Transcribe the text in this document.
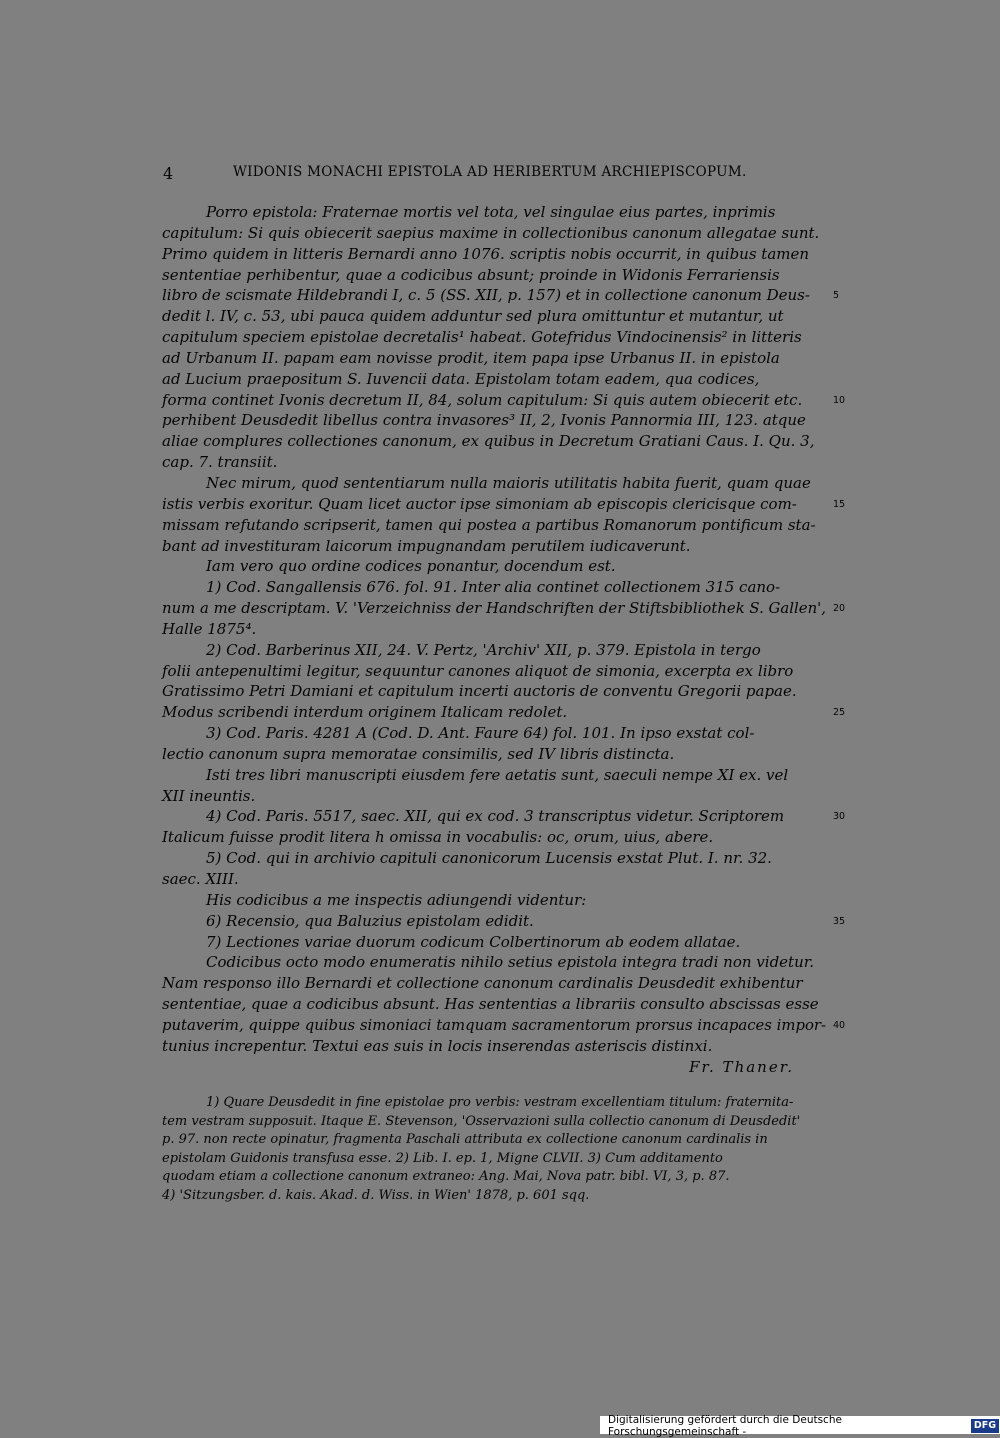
4	WIDONIS MONACHI EPISTOLA AD HERIBERTUM ARCHIEPISCOPUM.
Porro epistola: Fraternae mortis vel tota, vel singulae eius partes, inprimis
capitulum: Si quis obiecerit saepius maxime in collectionibus canonum allegatae sunt.
Primo quidem in litteris Bernardi anno 1076. scriptis nobis occurrit, in quibus tamen
sententiae perhibentur, quae a codicibus absunt; proinde in Widonis Ferrariensis
libro de scismate Hildebrandi I, c. 5 (SS. XII, p. 157) et in collectione canonum Deus- 5
dedit l. IV, c. 53, ubi pauca quidem adduntur sed plura omittuntur et mutantur, ut
capitulum speciem epistolae decretalis¹ habeat. Gotefridus Vindocinensis² in litteris
ad Urbanum II. papam eam novisse prodit, item papa ipse Urbanus II. in epistola
ad Lucium praepositum S. Iuvencii data. Epistolam totam eadem, qua codices,
forma continet Ivonis decretum II, 84, solum capitulum: Si quis autem obiecerit etc.	10
perhibent Deusdedit libellus contra invasores³ II, 2, Ivonis Pannormia III, 123. atque
aliae complures collectiones canonum, ex quibus in Decretum Gratiani Caus. I. Qu. 3,
cap. 7. transiit.
Nec mirum, quod sententiarum nulla maioris utilitatis habita fuerit, quam quae
istis verbis exoritur. Quam licet auctor ipse simoniam ab episcopis clericisque com-	15
missam refutando scripserit, tamen qui postea a partibus Romanorum pontificum sta-
bant ad investituram laicorum impugnandam perutilem iudicaverunt.
Iam vero quo ordine codices ponantur, docendum est.
1) Cod. Sangallensis 676. fol. 91. Inter alia continet collectionem 315 cano-
num a me descriptam. V. 'Verzeichniss der Handschriften der Stiftsbibliothek S. Gallen', 20
Halle 1875⁴.
2) Cod. Barberinus XII, 24. V. Pertz, 'Archiv' XII, p. 379. Epistola in tergo
folii antepenultimi legitur, sequuntur canones aliquot de simonia, excerpta ex libro
Gratissimo Petri Damiani et capitulum incerti auctoris de conventu Gregorii papae.
Modus scribendi interdum originem Italicam redolet.	25
3) Cod. Paris. 4281 A (Cod. D. Ant. Faure 64) fol. 101. In ipso exstat col-
lectio canonum supra memoratae consimilis, sed IV libris distincta.
Isti tres libri manuscripti eiusdem fere aetatis sunt, saeculi nempe XI ex. vel
XII ineuntis.
4) Cod. Paris. 5517, saec. XII, qui ex cod. 3 transcriptus videtur. Scriptorem	30
Italicum fuisse prodit litera h omissa in vocabulis: oc, orum, uius, abere.
5) Cod. qui in archivio capituli canonicorum Lucensis exstat Plut. I. nr. 32.
saec. XIII.
His codicibus a me inspectis adiungendi videntur:
6) Recensio, qua Baluzius epistolam edidit.	35
7) Lectiones variae duorum codicum Colbertinorum ab eodem allatae.
Codicibus octo modo enumeratis nihilo setius epistola integra tradi non videtur.
Nam responso illo Bernardi et collectione canonum cardinalis Deusdedit exhibentur
sententiae, quae a codicibus absunt. Has sententias a librariis consulto abscissas esse
putaverim, quippe quibus simoniaci tamquam sacramentorum prorsus incapaces impor- 40
tunius increpentur. Textui eas suis in locis inserendas asteriscis distinxi.
Fr. Thaner.
1) Quare Deusdedit in fine epistolae pro verbis: vestram excellentiam titulum: fraternita-
tem vestram supposuit. Itaque E. Stevenson, 'Osservazioni sulla collectio canonum di Deusdedit'
p. 97. non recte opinatur, fragmenta Paschali attributa ex collectione canonum cardinalis in
epistolam Guidonis transfusa esse. 2) Lib. I. ep. 1, Migne CLVII. 3) Cum additamento
quodam etiam a collectione canonum extraneo: Ang. Mai, Nova patr. bibl. VI, 3, p. 87.
4) 'Sitzungsber. d. kais. Akad. d. Wiss. in Wien' 1878, p. 601 sqq.
Digitalisierung gefördert durch die Deutsche Forschungsgemeinschaft -
DFG
